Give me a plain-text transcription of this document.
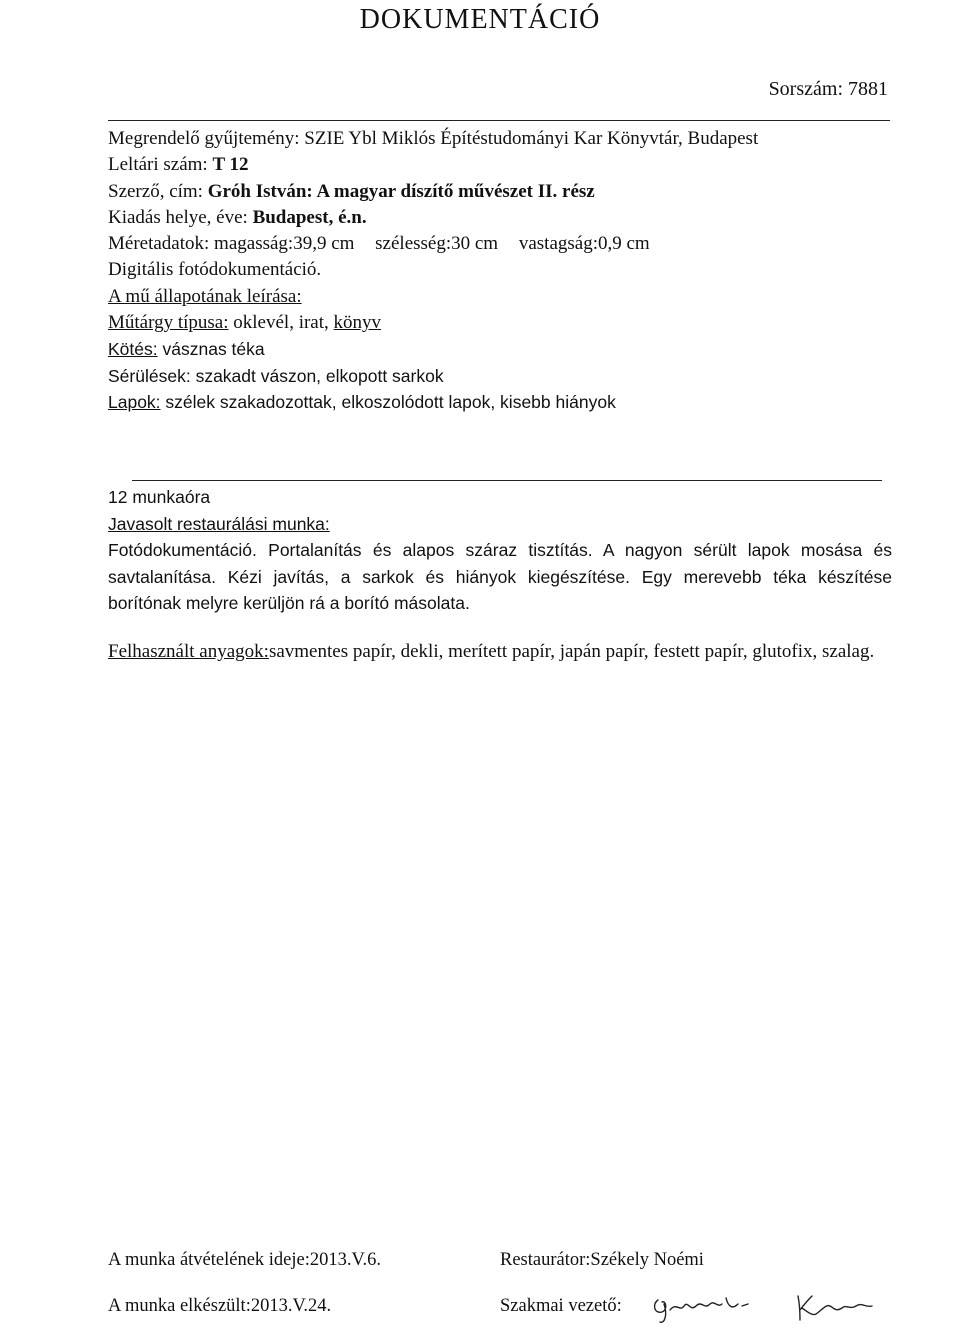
DOKUMENTÁCIÓ
Sorszám: 7881
Megrendelő gyűjtemény: SZIE Ybl Miklós Építéstudományi Kar Könyvtár, Budapest
Leltári szám: T 12
Szerző, cím: Gróh István: A magyar díszítő művészet II. rész
Kiadás helye, éve: Budapest, é.n.
Méretadatok: magasság:39,9 cm szélesség:30 cm vastagság:0,9 cm
Digitális fotódokumentáció.
A mű állapotának leírása:
Műtárgy típusa: oklevél, irat, könyv
Kötés: vásznas téka
Sérülések: szakadt vászon, elkopott sarkok
Lapok: szélek szakadozottak, elkoszolódott lapok, kisebb hiányok
12 munkaóra
Javasolt restaurálási munka:
Fotódokumentáció. Portalanítás és alapos száraz tisztítás. A nagyon sérült lapok mosása és savtalanítása. Kézi javítás, a sarkok és hiányok kiegészítése. Egy merevebb téka készítése borítónak melyre kerüljön rá a borító másolata.
Felhasznált anyagok:savmentes papír, dekli, merített papír, japán papír, festett papír, glutofix, szalag.
A munka átvételének ideje:2013.V.6.	Restaurátor:Székely Noémi
A munka elkészült:2013.V.24.	Szakmai vezető:
